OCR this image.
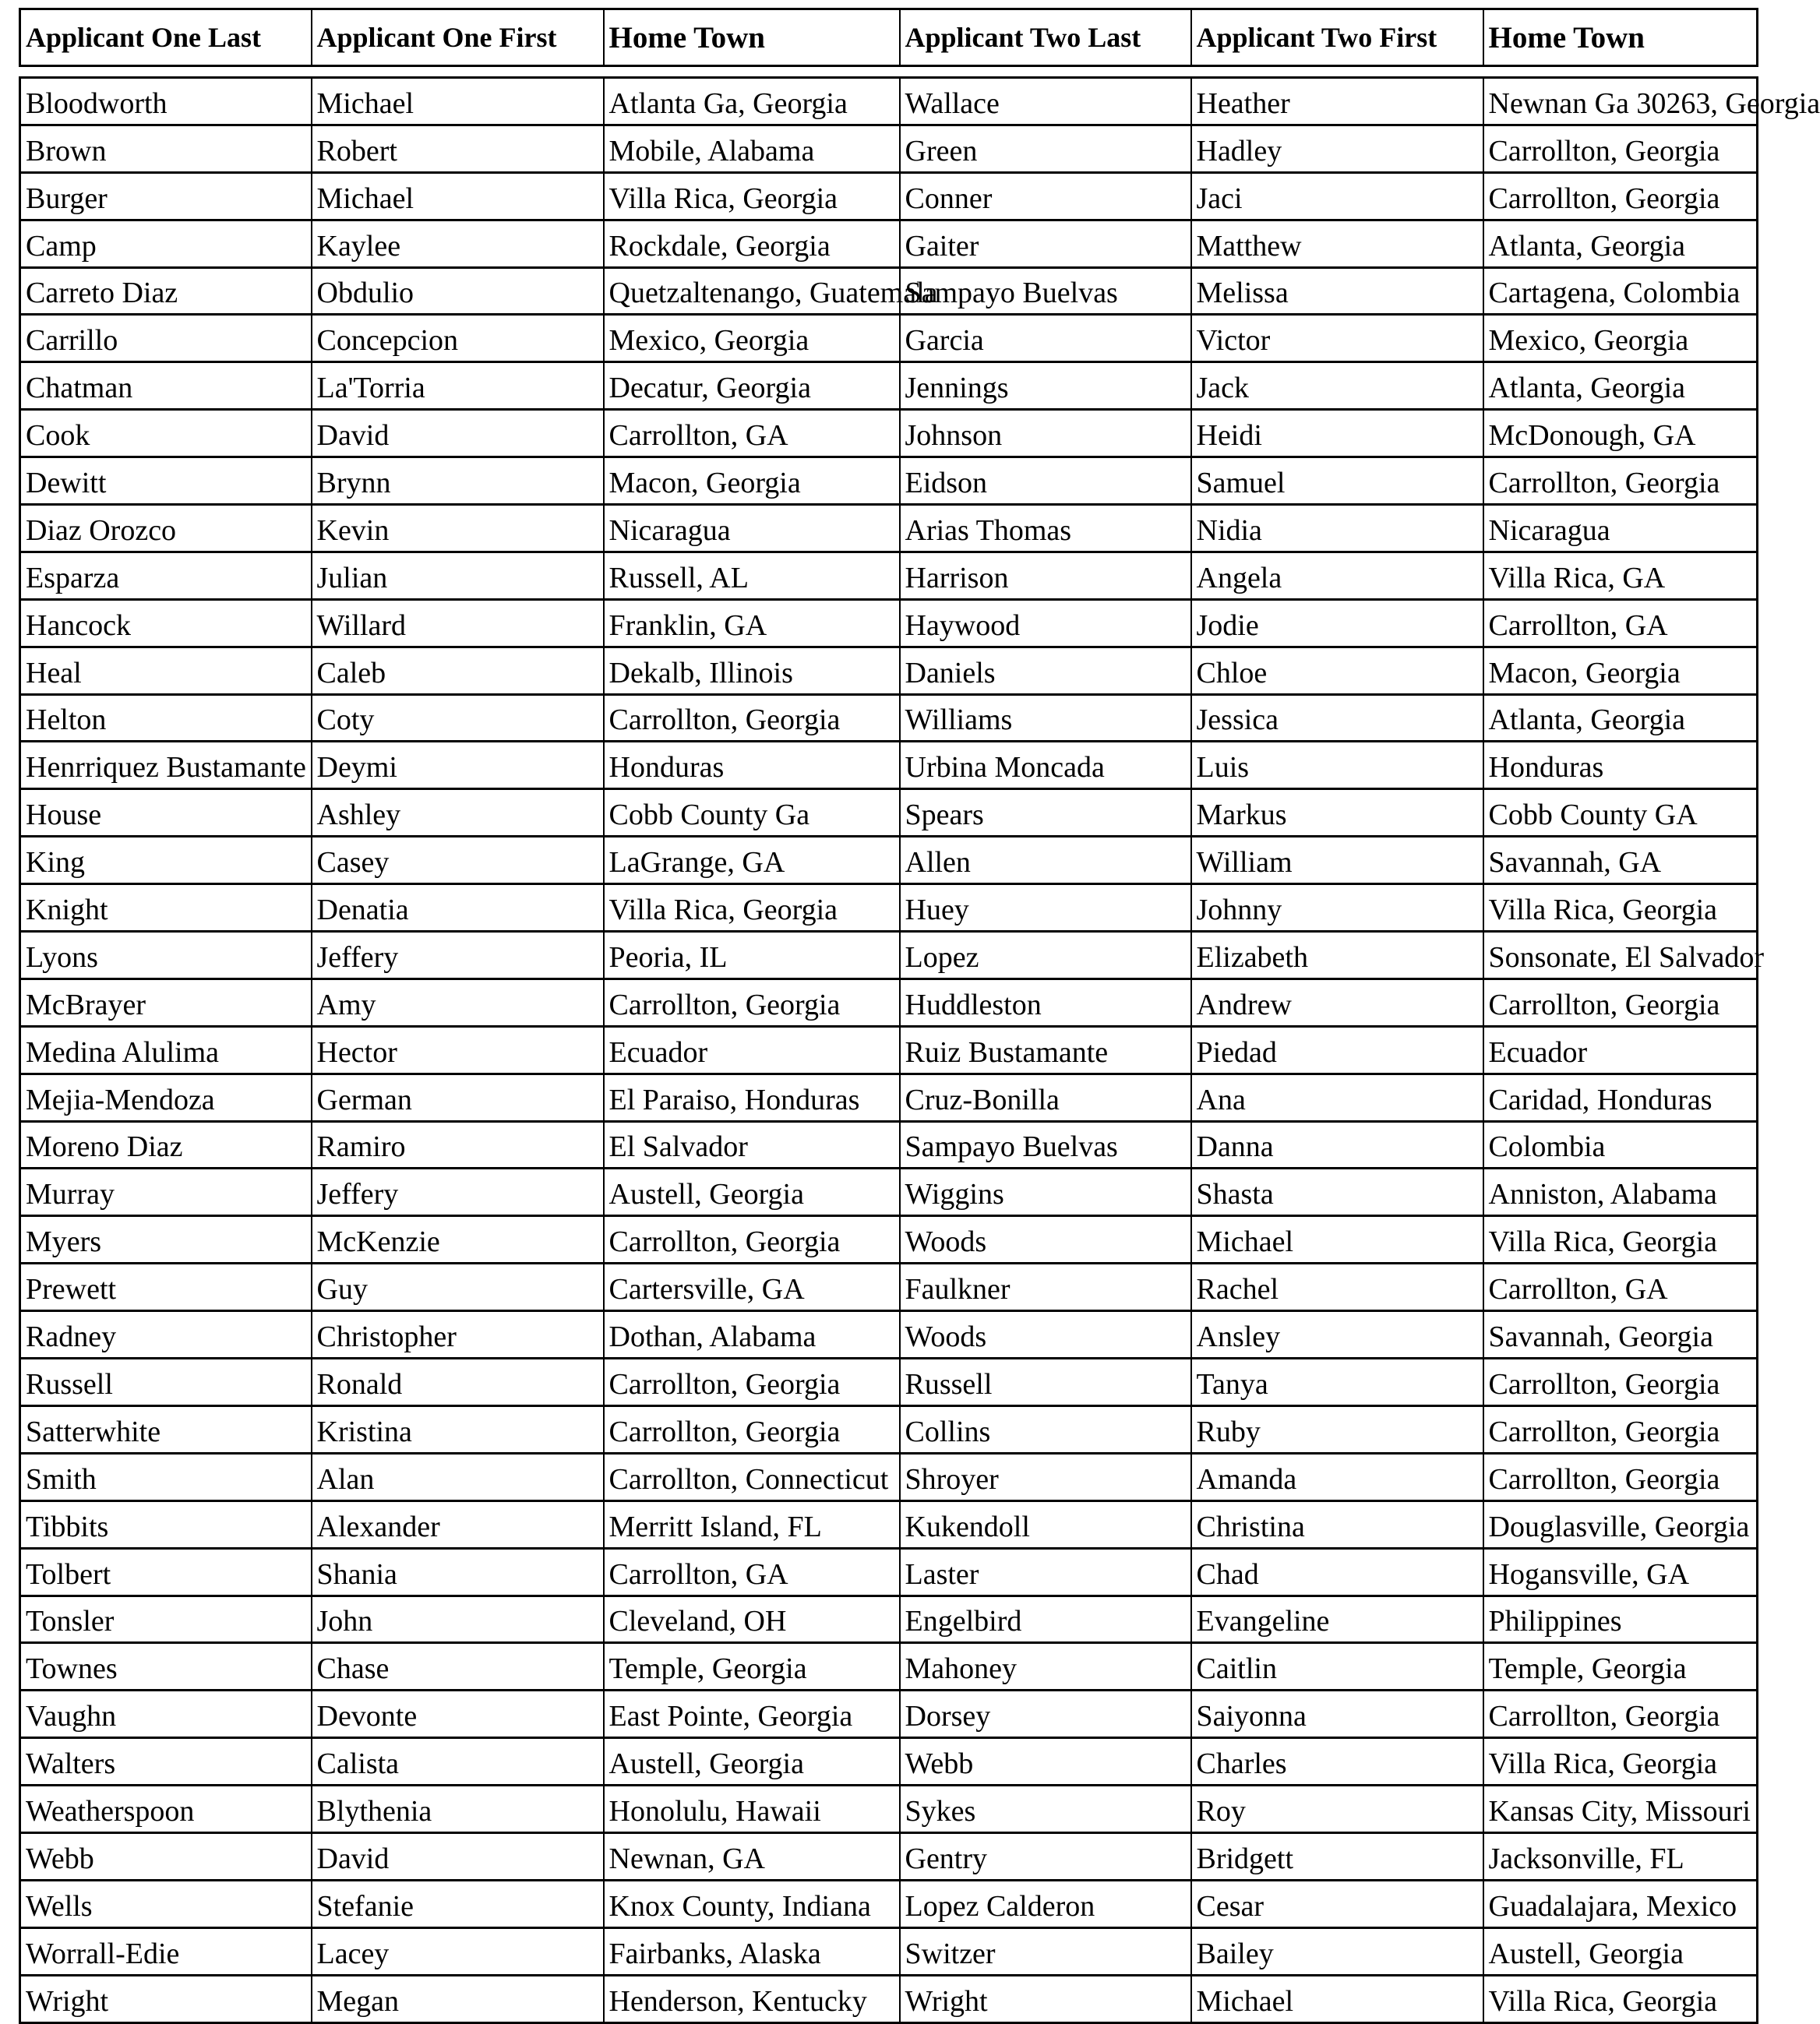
Applicant One Last	Applicant One First	Home Town	Applicant Two Last	Applicant Two First	Home Town
Bloodworth	Michael	Atlanta Ga, Georgia	Wallace	Heather	Newnan Ga 30263, Georgia
Brown	Robert	Mobile, Alabama	Green	Hadley	Carrollton, Georgia
Burger	Michael	Villa Rica, Georgia	Conner	Jaci	Carrollton, Georgia
Camp	Kaylee	Rockdale, Georgia	Gaiter	Matthew	Atlanta, Georgia
Carreto Diaz	Obdulio	Quetzaltenango, Guatemala	Sampayo Buelvas	Melissa	Cartagena, Colombia
Carrillo	Concepcion	Mexico, Georgia	Garcia	Victor	Mexico, Georgia
Chatman	La'Torria	Decatur, Georgia	Jennings	Jack	Atlanta, Georgia
Cook	David	Carrollton, GA	Johnson	Heidi	McDonough, GA
Dewitt	Brynn	Macon, Georgia	Eidson	Samuel	Carrollton, Georgia
Diaz Orozco	Kevin	Nicaragua	Arias Thomas	Nidia	Nicaragua
Esparza	Julian	Russell, AL	Harrison	Angela	Villa Rica, GA
Hancock	Willard	Franklin, GA	Haywood	Jodie	Carrollton, GA
Heal	Caleb	Dekalb, Illinois	Daniels	Chloe	Macon, Georgia
Helton	Coty	Carrollton, Georgia	Williams	Jessica	Atlanta, Georgia
Henrriquez Bustamante	Deymi	Honduras	Urbina Moncada	Luis	Honduras
House	Ashley	Cobb County Ga	Spears	Markus	Cobb County GA
King	Casey	LaGrange, GA	Allen	William	Savannah, GA
Knight	Denatia	Villa Rica, Georgia	Huey	Johnny	Villa Rica, Georgia
Lyons	Jeffery	Peoria, IL	Lopez	Elizabeth	Sonsonate, El Salvador
McBrayer	Amy	Carrollton, Georgia	Huddleston	Andrew	Carrollton, Georgia
Medina Alulima	Hector	Ecuador	Ruiz Bustamante	Piedad	Ecuador
Mejia-Mendoza	German	El Paraiso, Honduras	Cruz-Bonilla	Ana	Caridad, Honduras
Moreno Diaz	Ramiro	El Salvador	Sampayo Buelvas	Danna	Colombia
Murray	Jeffery	Austell, Georgia	Wiggins	Shasta	Anniston, Alabama
Myers	McKenzie	Carrollton, Georgia	Woods	Michael	Villa Rica, Georgia
Prewett	Guy	Cartersville, GA	Faulkner	Rachel	Carrollton, GA
Radney	Christopher	Dothan, Alabama	Woods	Ansley	Savannah, Georgia
Russell	Ronald	Carrollton, Georgia	Russell	Tanya	Carrollton, Georgia
Satterwhite	Kristina	Carrollton, Georgia	Collins	Ruby	Carrollton, Georgia
Smith	Alan	Carrollton, Connecticut	Shroyer	Amanda	Carrollton, Georgia
Tibbits	Alexander	Merritt Island, FL	Kukendoll	Christina	Douglasville, Georgia
Tolbert	Shania	Carrollton, GA	Laster	Chad	Hogansville, GA
Tonsler	John	Cleveland, OH	Engelbird	Evangeline	Philippines
Townes	Chase	Temple, Georgia	Mahoney	Caitlin	Temple, Georgia
Vaughn	Devonte	East Pointe, Georgia	Dorsey	Saiyonna	Carrollton, Georgia
Walters	Calista	Austell, Georgia	Webb	Charles	Villa Rica, Georgia
Weatherspoon	Blythenia	Honolulu, Hawaii	Sykes	Roy	Kansas City, Missouri
Webb	David	Newnan, GA	Gentry	Bridgett	Jacksonville, FL
Wells	Stefanie	Knox County, Indiana	Lopez Calderon	Cesar	Guadalajara, Mexico
Worrall-Edie	Lacey	Fairbanks, Alaska	Switzer	Bailey	Austell, Georgia
Wright	Megan	Henderson, Kentucky	Wright	Michael	Villa Rica, Georgia
